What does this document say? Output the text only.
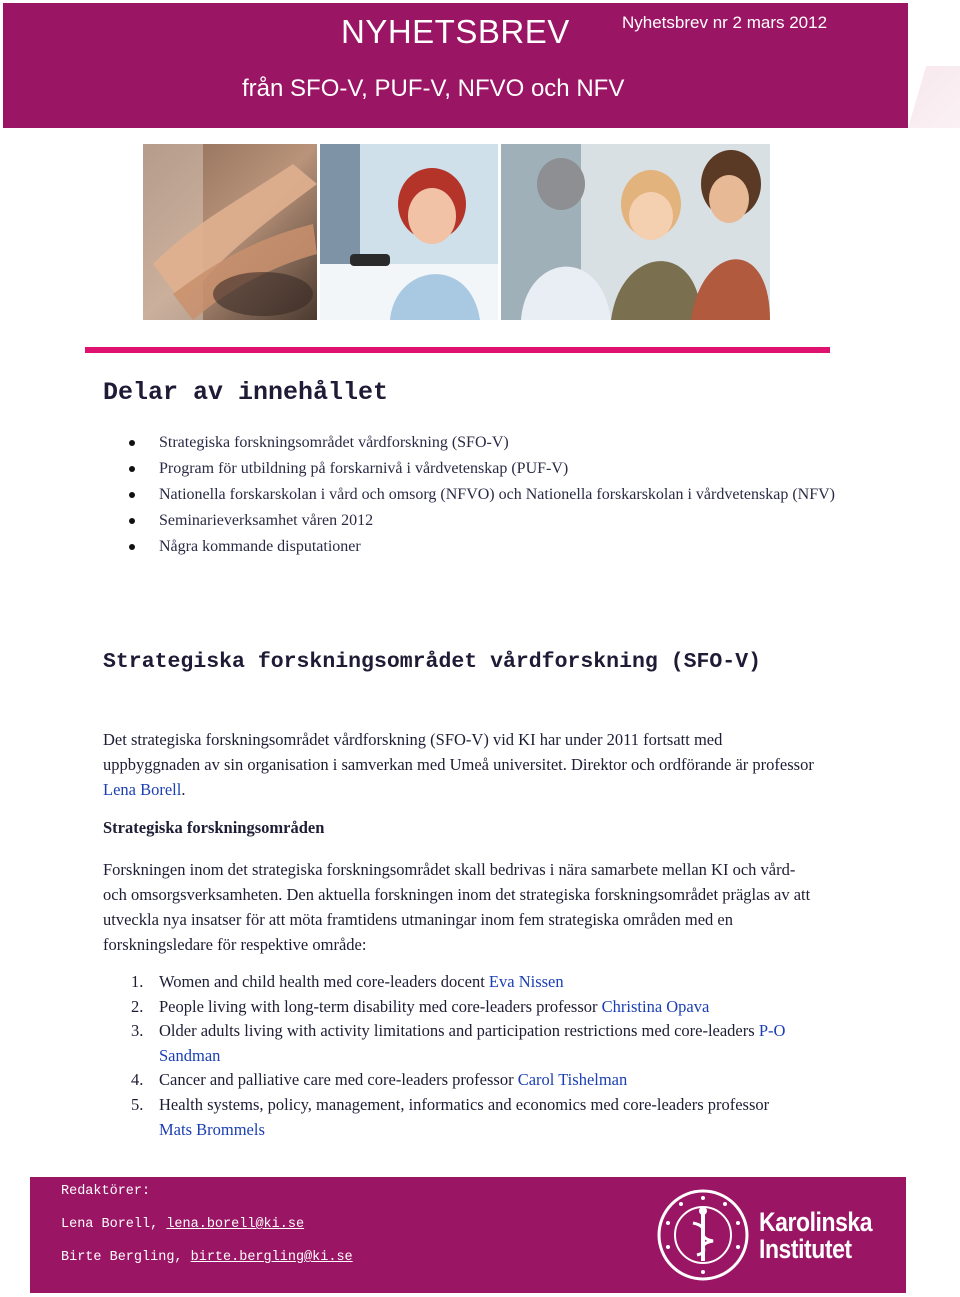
NYHETSBREV	Nyhetsbrev nr 2 mars 2012
från SFO-V, PUF-V, NFVO och NFV
Delar av innehållet
Strategiska forskningsområdet vårdforskning (SFO-V)
Program för utbildning på forskarnivå i vårdvetenskap (PUF-V)
Nationella forskarskolan i vård och omsorg (NFVO) och Nationella forskarskolan i vårdvetenskap (NFV)
Seminarieverksamhet våren 2012
Några kommande disputationer
Strategiska forskningsområdet vårdforskning (SFO-V)

Det strategiska forskningsområdet vårdforskning (SFO-V) vid KI har under 2011 fortsatt med uppbyggnaden av sin organisation i samverkan med Umeå universitet. Direktor och ordförande är professor Lena Borell.

Strategiska forskningsområden

Forskningen inom det strategiska forskningsområdet skall bedrivas i nära samarbete mellan KI och vård- och omsorgsverksamheten. Den aktuella forskningen inom det strategiska forskningsområdet präglas av att utveckla nya insatser för att möta framtidens utmaningar inom fem strategiska områden med en forskningsledare för respektive område:

1. Women and child health med core-leaders docent Eva Nissen
2. People living with long-term disability med core-leaders professor Christina Opava
3. Older adults living with activity limitations and participation restrictions med core-leaders P-O Sandman
4. Cancer and palliative care med core-leaders professor Carol Tishelman
5. Health systems, policy, management, informatics and economics med core-leaders professor Mats Brommels
Redaktörer:
Lena Borell, lena.borell@ki.se
Birte Bergling, birte.bergling@ki.se
Karolinska
Institutet
